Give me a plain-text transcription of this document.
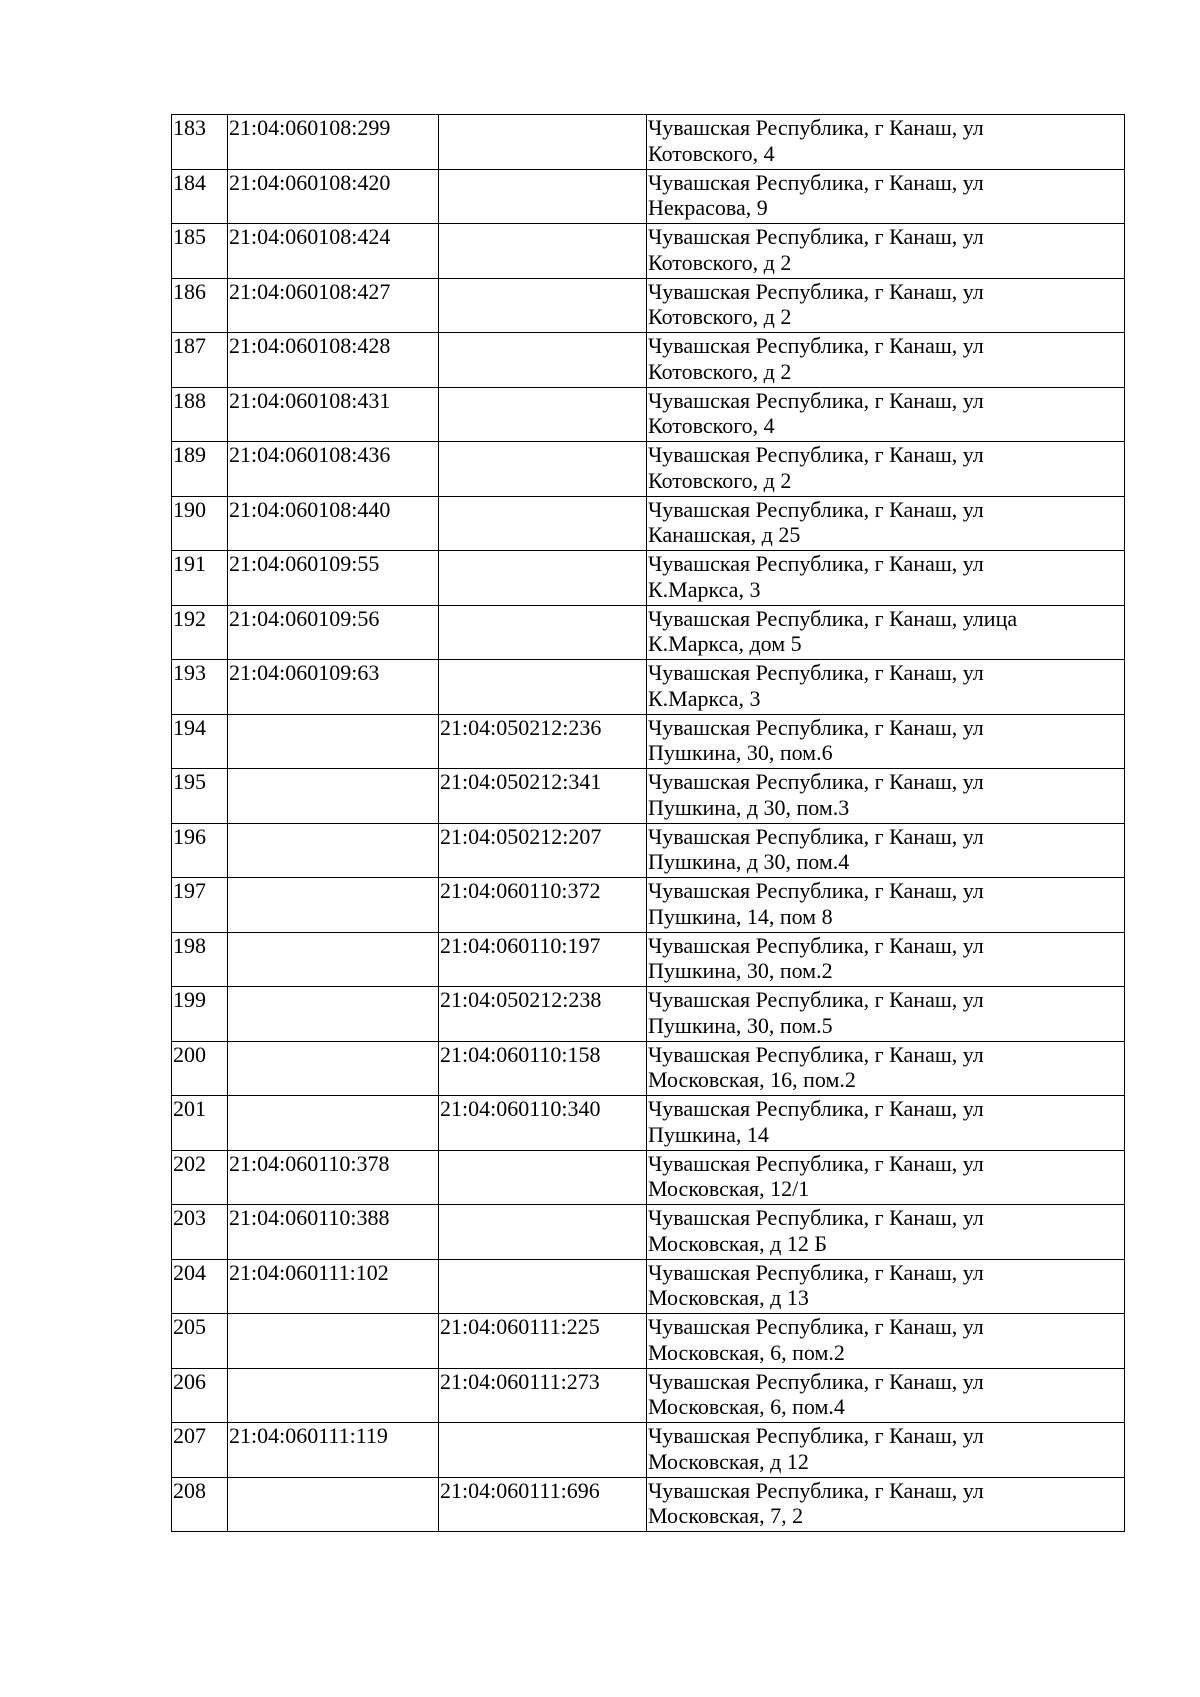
183	21:04:060108:299		Чувашская Республика, г Канаш, ул
Котовского, 4

184	21:04:060108:420		Чувашская Республика, г Канаш, ул
Некрасова, 9

185	21:04:060108:424		Чувашская Республика, г Канаш, ул
Котовского, д 2

186	21:04:060108:427		Чувашская Республика, г Канаш, ул
Котовского, д 2

187	21:04:060108:428		Чувашская Республика, г Канаш, ул
Котовского, д 2

188	21:04:060108:431		Чувашская Республика, г Канаш, ул
Котовского, 4

189	21:04:060108:436		Чувашская Республика, г Канаш, ул
Котовского, д 2

190	21:04:060108:440		Чувашская Республика, г Канаш, ул
Канашская, д 25

191	21:04:060109:55		Чувашская Республика, г Канаш, ул
К.Маркса, 3

192	21:04:060109:56		Чувашская Республика, г Канаш, улица
К.Маркса, дом 5

193	21:04:060109:63		Чувашская Республика, г Канаш, ул
К.Маркса, 3

194		21:04:050212:236	Чувашская Республика, г Канаш, ул
Пушкина, 30, пом.6

195		21:04:050212:341	Чувашская Республика, г Канаш, ул
Пушкина, д 30, пом.3

196		21:04:050212:207	Чувашская Республика, г Канаш, ул
Пушкина, д 30, пом.4

197		21:04:060110:372	Чувашская Республика, г Канаш, ул
Пушкина, 14, пом 8

198		21:04:060110:197	Чувашская Республика, г Канаш, ул
Пушкина, 30, пом.2

199		21:04:050212:238	Чувашская Республика, г Канаш, ул
Пушкина, 30, пом.5

200		21:04:060110:158	Чувашская Республика, г Канаш, ул
Московская, 16, пом.2

201		21:04:060110:340	Чувашская Республика, г Канаш, ул
Пушкина, 14

202	21:04:060110:378		Чувашская Республика, г Канаш, ул
Московская, 12/1

203	21:04:060110:388		Чувашская Республика, г Канаш, ул
Московская, д 12 Б

204	21:04:060111:102		Чувашская Республика, г Канаш, ул
Московская, д 13

205		21:04:060111:225	Чувашская Республика, г Канаш, ул
Московская, 6, пом.2

206		21:04:060111:273	Чувашская Республика, г Канаш, ул
Московская, 6, пом.4

207	21:04:060111:119		Чувашская Республика, г Канаш, ул
Московская, д 12

208		21:04:060111:696	Чувашская Республика, г Канаш, ул
Московская, 7, 2
